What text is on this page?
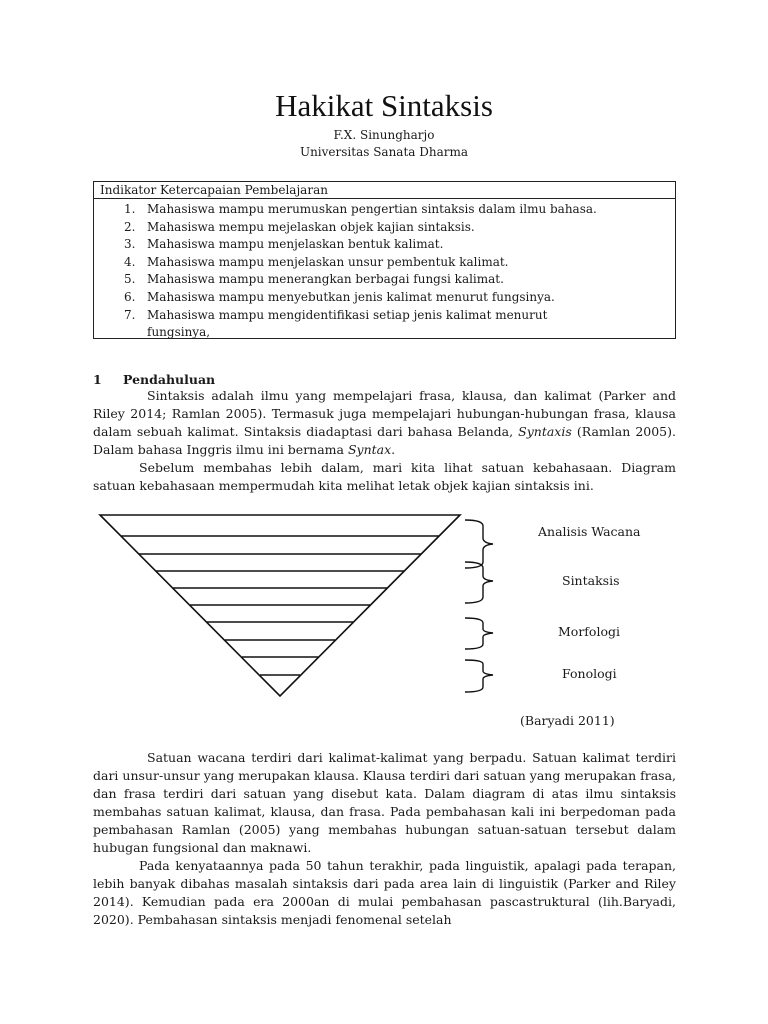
Hakikat Sintaksis
F.X. Sinungharjo
Universitas Sanata Dharma
Indikator Ketercapaian Pembelajaran
1. Mahasiswa mampu merumuskan pengertian sintaksis dalam ilmu bahasa.
2. Mahasiswa mempu mejelaskan objek kajian sintaksis.
3. Mahasiswa mampu menjelaskan bentuk kalimat.
4. Mahasiswa mampu menjelaskan unsur pembentuk kalimat.
5. Mahasiswa mampu menerangkan berbagai fungsi kalimat.
6. Mahasiswa mampu menyebutkan jenis kalimat menurut fungsinya.
7. Mahasiswa mampu mengidentifikasi setiap jenis kalimat menurut
fungsinya,
1 Pendahuluan

Sintaksis adalah ilmu yang mempelajari frasa, klausa, dan kalimat (Parker and Riley 2014; Ramlan 2005). Termasuk juga mempelajari hubungan-hubungan frasa, klausa dalam sebuah kalimat. Sintaksis diadaptasi dari bahasa Belanda, Syntaxis (Ramlan 2005). Dalam bahasa Inggris ilmu ini bernama Syntax.

Sebelum membahas lebih dalam, mari kita lihat satuan kebahasaan. Diagram satuan kebahasaan mempermudah kita melihat letak objek kajian sintaksis ini.

Analisis Wacana
Sintaksis
Morfologi
Fonologi
(Baryadi 2011)

Satuan wacana terdiri dari kalimat-kalimat yang berpadu. Satuan kalimat terdiri dari unsur-unsur yang merupakan klausa. Klausa terdiri dari satuan yang merupakan frasa, dan frasa terdiri dari satuan yang disebut kata. Dalam diagram di atas ilmu sintaksis membahas satuan kalimat, klausa, dan frasa. Pada pembahasan kali ini berpedoman pada pembahasan Ramlan (2005) yang membahas hubungan satuan-satuan tersebut dalam hubugan fungsional dan maknawi.

Pada kenyataannya pada 50 tahun terakhir, pada linguistik, apalagi pada terapan, lebih banyak dibahas masalah sintaksis dari pada area lain di linguistik (Parker and Riley 2014). Kemudian pada era 2000an di mulai pembahasan pascastruktural (lih.Baryadi, 2020). Pembahasan sintaksis menjadi fenomenal setelah
